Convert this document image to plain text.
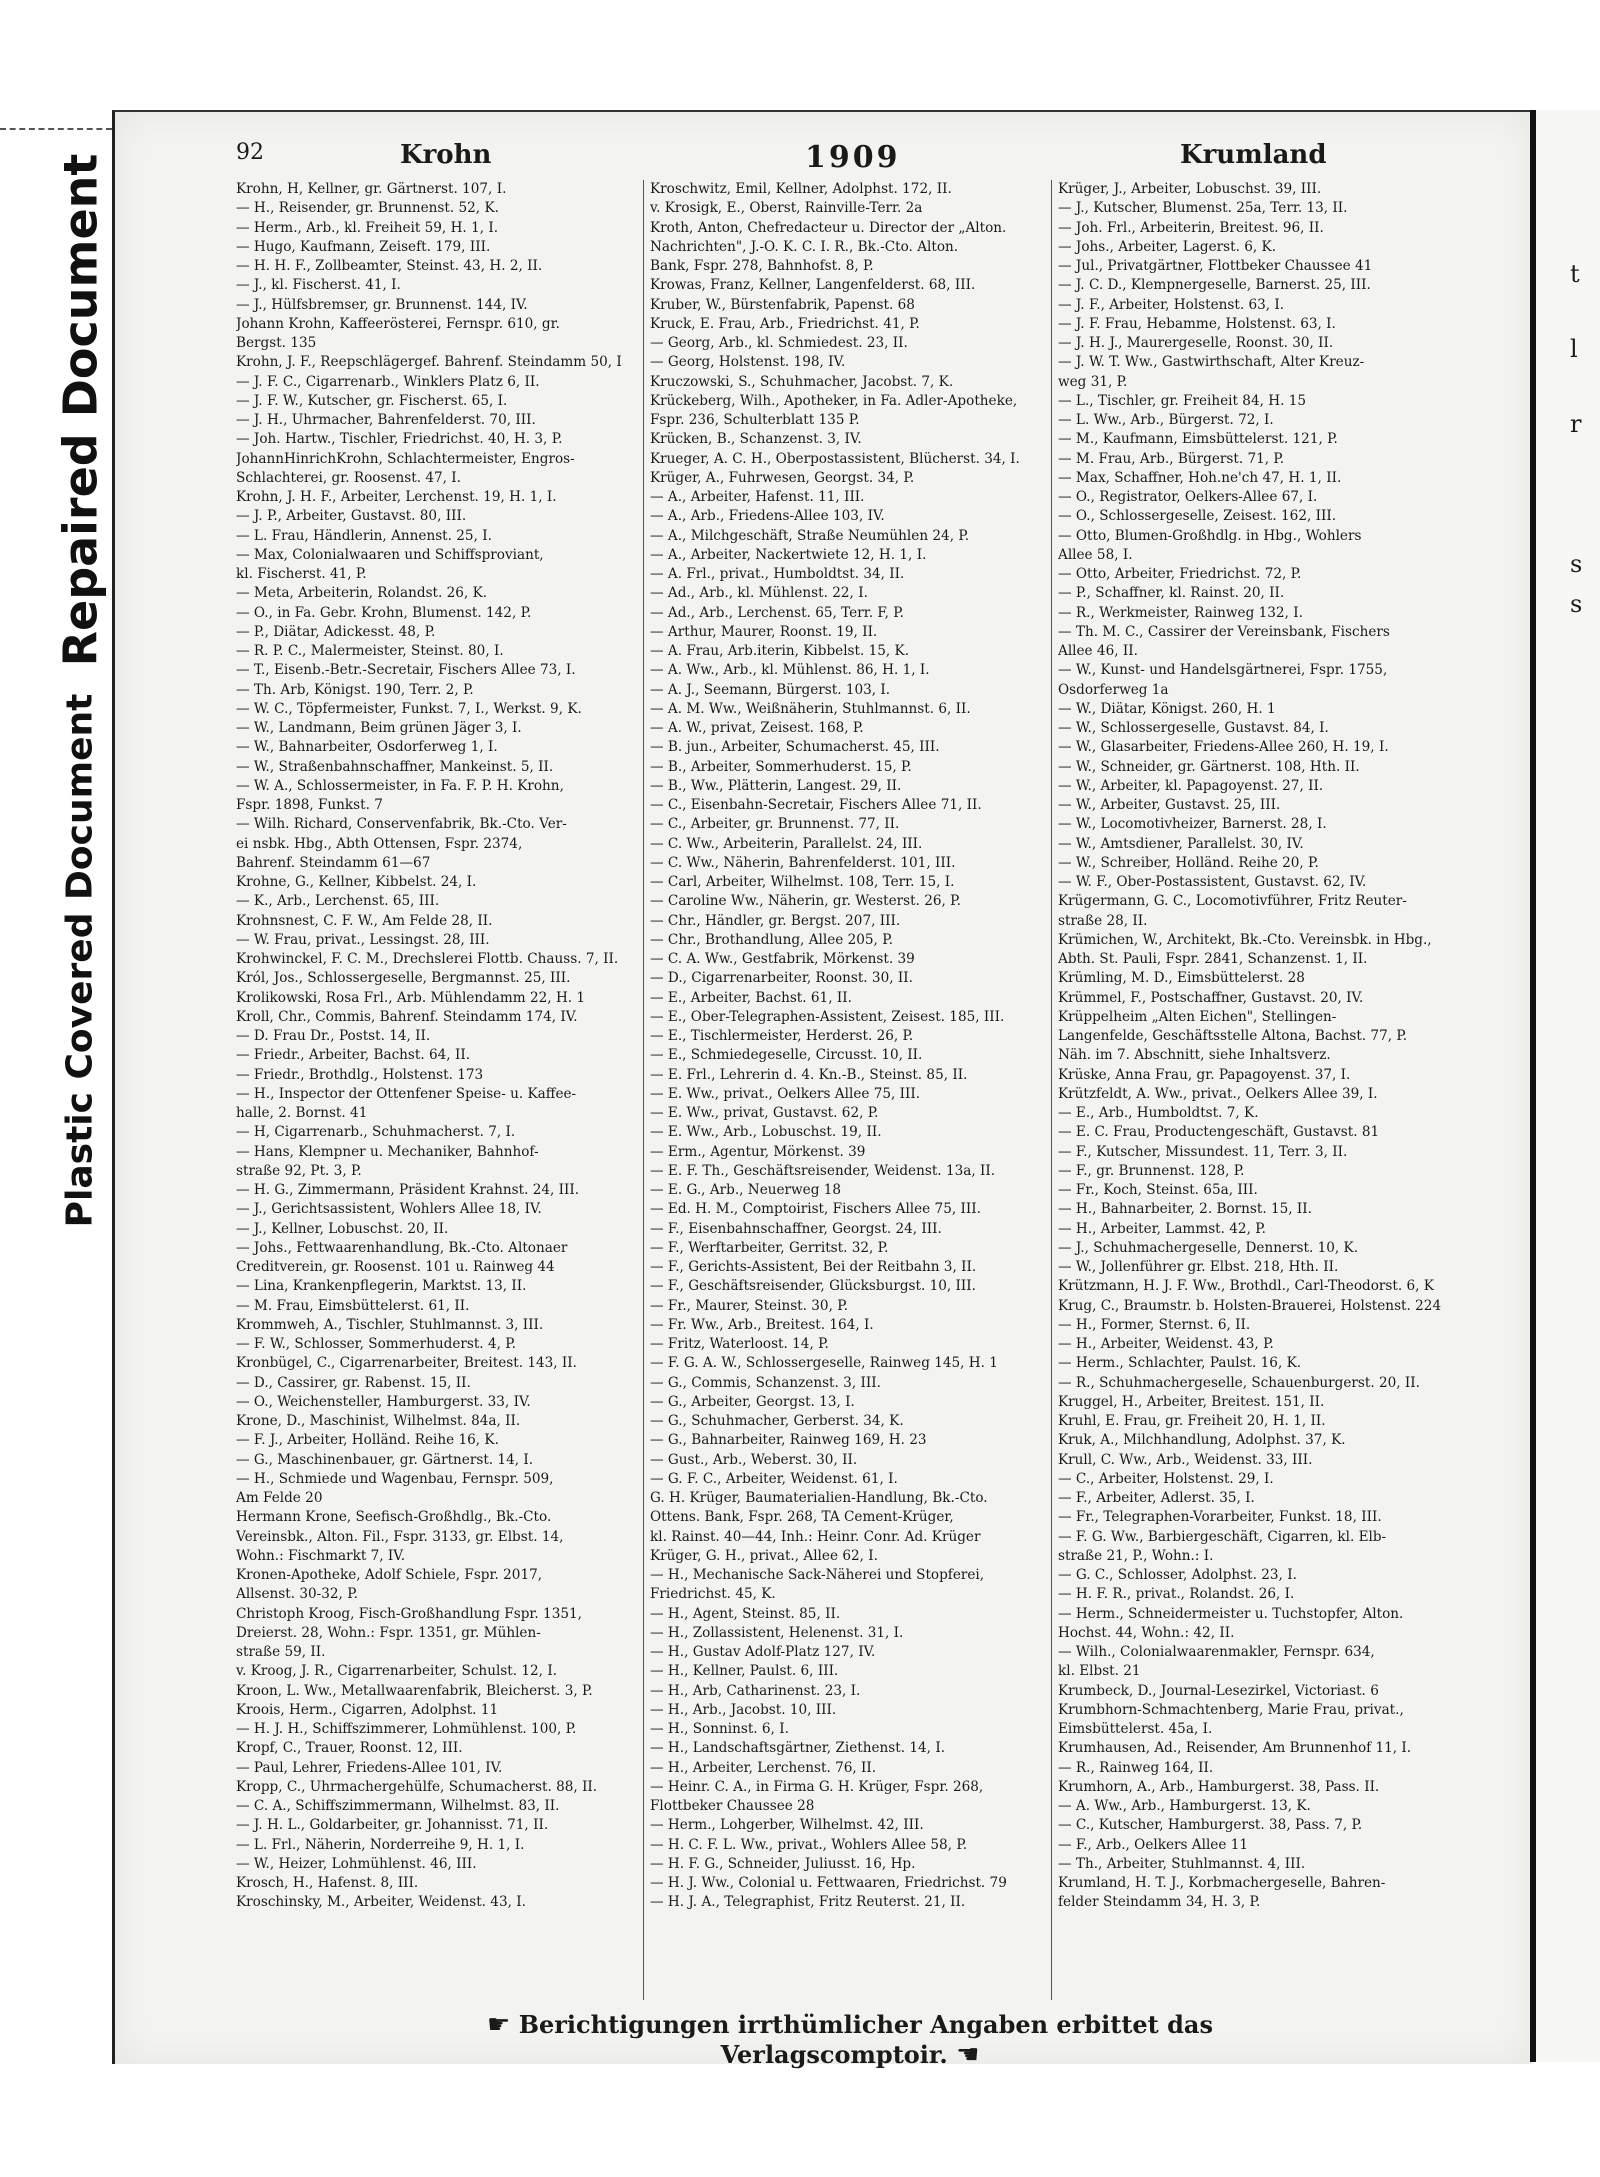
Repaired Document
Plastic Covered Document
t
l
r
s
s
92	Krohn	1909	Krumland
Krohn, H, Kellner, gr. Gärtnerst. 107, I.
— H., Reisender, gr. Brunnenst. 52, K.
— Herm., Arb., kl. Freiheit 59, H. 1, I.
— Hugo, Kaufmann, Zeiseft. 179, III.
— H. H. F., Zollbeamter, Steinst. 43, H. 2, II.
— J., kl. Fischerst. 41, I.
— J., Hülfsbremser, gr. Brunnenst. 144, IV.
Johann Krohn, Kaffeerösterei, Fernspr. 610, gr.
Bergst. 135
Krohn, J. F., Reepschlägergef. Bahrenf. Steindamm 50, I
— J. F. C., Cigarrenarb., Winklers Platz 6, II.
— J. F. W., Kutscher, gr. Fischerst. 65, I.
— J. H., Uhrmacher, Bahrenfelderst. 70, III.
— Joh. Hartw., Tischler, Friedrichst. 40, H. 3, P.
JohannHinrichKrohn, Schlachtermeister, Engros-
Schlachterei, gr. Roosenst. 47, I.
Krohn, J. H. F., Arbeiter, Lerchenst. 19, H. 1, I.
— J. P., Arbeiter, Gustavst. 80, III.
— L. Frau, Händlerin, Annenst. 25, I.
— Max, Colonialwaaren und Schiffsproviant,
kl. Fischerst. 41, P.
— Meta, Arbeiterin, Rolandst. 26, K.
— O., in Fa. Gebr. Krohn, Blumenst. 142, P.
— P., Diätar, Adickesst. 48, P.
— R. P. C., Malermeister, Steinst. 80, I.
— T., Eisenb.-Betr.-Secretair, Fischers Allee 73, I.
— Th. Arb, Königst. 190, Terr. 2, P.
— W. C., Töpfermeister, Funkst. 7, I., Werkst. 9, K.
— W., Landmann, Beim grünen Jäger 3, I.
— W., Bahnarbeiter, Osdorferweg 1, I.
— W., Straßenbahnschaffner, Mankeinst. 5, II.
— W. A., Schlossermeister, in Fa. F. P. H. Krohn,
Fspr. 1898, Funkst. 7
— Wilh. Richard, Conservenfabrik, Bk.-Cto. Ver-
ei nsbk. Hbg., Abth Ottensen, Fspr. 2374,
Bahrenf. Steindamm 61—67
Krohne, G., Kellner, Kibbelst. 24, I.
— K., Arb., Lerchenst. 65, III.
Krohnsnest, C. F. W., Am Felde 28, II.
— W. Frau, privat., Lessingst. 28, III.
Krohwinckel, F. C. M., Drechslerei Flottb. Chauss. 7, II.
Król, Jos., Schlossergeselle, Bergmannst. 25, III.
Krolikowski, Rosa Frl., Arb. Mühlendamm 22, H. 1
Kroll, Chr., Commis, Bahrenf. Steindamm 174, IV.
— D. Frau Dr., Postst. 14, II.
— Friedr., Arbeiter, Bachst. 64, II.
— Friedr., Brothdlg., Holstenst. 173
— H., Inspector der Ottenfener Speise- u. Kaffee-
halle, 2. Bornst. 41
— H, Cigarrenarb., Schuhmacherst. 7, I.
— Hans, Klempner u. Mechaniker, Bahnhof-
straße 92, Pt. 3, P.
— H. G., Zimmermann, Präsident Krahnst. 24, III.
— J., Gerichtsassistent, Wohlers Allee 18, IV.
— J., Kellner, Lobuschst. 20, II.
— Johs., Fettwaarenhandlung, Bk.-Cto. Altonaer
Creditverein, gr. Roosenst. 101 u. Rainweg 44
— Lina, Krankenpflegerin, Marktst. 13, II.
— M. Frau, Eimsbüttelerst. 61, II.
Krommweh, A., Tischler, Stuhlmannst. 3, III.
— F. W., Schlosser, Sommerhuderst. 4, P.
Kronbügel, C., Cigarrenarbeiter, Breitest. 143, II.
— D., Cassirer, gr. Rabenst. 15, II.
— O., Weichensteller, Hamburgerst. 33, IV.
Krone, D., Maschinist, Wilhelmst. 84a, II.
— F. J., Arbeiter, Holländ. Reihe 16, K.
— G., Maschinenbauer, gr. Gärtnerst. 14, I.
— H., Schmiede und Wagenbau, Fernspr. 509,
Am Felde 20
Hermann Krone, Seefisch-Großhdlg., Bk.-Cto.
Vereinsbk., Alton. Fil., Fspr. 3133, gr. Elbst. 14,
Wohn.: Fischmarkt 7, IV.
Kronen-Apotheke, Adolf Schiele, Fspr. 2017,
Allsenst. 30-32, P.
Christoph Kroog, Fisch-Großhandlung Fspr. 1351,
Dreierst. 28, Wohn.: Fspr. 1351, gr. Mühlen-
straße 59, II.
v. Kroog, J. R., Cigarrenarbeiter, Schulst. 12, I.
Kroon, L. Ww., Metallwaarenfabrik, Bleicherst. 3, P.
Kroois, Herm., Cigarren, Adolphst. 11
— H. J. H., Schiffszimmerer, Lohmühlenst. 100, P.
Kropf, C., Trauer, Roonst. 12, III.
— Paul, Lehrer, Friedens-Allee 101, IV.
Kropp, C., Uhrmachergehülfe, Schumacherst. 88, II.
— C. A., Schiffszimmermann, Wilhelmst. 83, II.
— J. H. L., Goldarbeiter, gr. Johannisst. 71, II.
— L. Frl., Näherin, Norderreihe 9, H. 1, I.
— W., Heizer, Lohmühlenst. 46, III.
Krosch, H., Hafenst. 8, III.
Kroschinsky, M., Arbeiter, Weidenst. 43, I.
Kroschwitz, Emil, Kellner, Adolphst. 172, II.
v. Krosigk, E., Oberst, Rainville-Terr. 2a
Kroth, Anton, Chefredacteur u. Director der „Alton.
Nachrichten", J.-O. K. C. I. R., Bk.-Cto. Alton.
Bank, Fspr. 278, Bahnhofst. 8, P.
Krowas, Franz, Kellner, Langenfelderst. 68, III.
Kruber, W., Bürstenfabrik, Papenst. 68
Kruck, E. Frau, Arb., Friedrichst. 41, P.
— Georg, Arb., kl. Schmiedest. 23, II.
— Georg, Holstenst. 198, IV.
Kruczowski, S., Schuhmacher, Jacobst. 7, K.
Krückeberg, Wilh., Apotheker, in Fa. Adler-Apotheke,
Fspr. 236, Schulterblatt 135 P.
Krücken, B., Schanzenst. 3, IV.
Krueger, A. C. H., Oberpostassistent, Blücherst. 34, I.
Krüger, A., Fuhrwesen, Georgst. 34, P.
— A., Arbeiter, Hafenst. 11, III.
— A., Arb., Friedens-Allee 103, IV.
— A., Milchgeschäft, Straße Neumühlen 24, P.
— A., Arbeiter, Nackertwiete 12, H. 1, I.
— A. Frl., privat., Humboldtst. 34, II.
— Ad., Arb., kl. Mühlenst. 22, I.
— Ad., Arb., Lerchenst. 65, Terr. F, P.
— Arthur, Maurer, Roonst. 19, II.
— A. Frau, Arb.iterin, Kibbelst. 15, K.
— A. Ww., Arb., kl. Mühlenst. 86, H. 1, I.
— A. J., Seemann, Bürgerst. 103, I.
— A. M. Ww., Weißnäherin, Stuhlmannst. 6, II.
— A. W., privat, Zeisest. 168, P.
— B. jun., Arbeiter, Schumacherst. 45, III.
— B., Arbeiter, Sommerhuderst. 15, P.
— B., Ww., Plätterin, Langest. 29, II.
— C., Eisenbahn-Secretair, Fischers Allee 71, II.
— C., Arbeiter, gr. Brunnenst. 77, II.
— C. Ww., Arbeiterin, Parallelst. 24, III.
— C. Ww., Näherin, Bahrenfelderst. 101, III.
— Carl, Arbeiter, Wilhelmst. 108, Terr. 15, I.
— Caroline Ww., Näherin, gr. Westerst. 26, P.
— Chr., Händler, gr. Bergst. 207, III.
— Chr., Brothandlung, Allee 205, P.
— C. A. Ww., Gestfabrik, Mörkenst. 39
— D., Cigarrenarbeiter, Roonst. 30, II.
— E., Arbeiter, Bachst. 61, II.
— E., Ober-Telegraphen-Assistent, Zeisest. 185, III.
— E., Tischlermeister, Herderst. 26, P.
— E., Schmiedegeselle, Circusst. 10, II.
— E. Frl., Lehrerin d. 4. Kn.-B., Steinst. 85, II.
— E. Ww., privat., Oelkers Allee 75, III.
— E. Ww., privat, Gustavst. 62, P.
— E. Ww., Arb., Lobuschst. 19, II.
— Erm., Agentur, Mörkenst. 39
— E. F. Th., Geschäftsreisender, Weidenst. 13a, II.
— E. G., Arb., Neuerweg 18
— Ed. H. M., Comptoirist, Fischers Allee 75, III.
— F., Eisenbahnschaffner, Georgst. 24, III.
— F., Werftarbeiter, Gerritst. 32, P.
— F., Gerichts-Assistent, Bei der Reitbahn 3, II.
— F., Geschäftsreisender, Glücksburgst. 10, III.
— Fr., Maurer, Steinst. 30, P.
— Fr. Ww., Arb., Breitest. 164, I.
— Fritz, Waterloost. 14, P.
— F. G. A. W., Schlossergeselle, Rainweg 145, H. 1
— G., Commis, Schanzenst. 3, III.
— G., Arbeiter, Georgst. 13, I.
— G., Schuhmacher, Gerberst. 34, K.
— G., Bahnarbeiter, Rainweg 169, H. 23
— Gust., Arb., Weberst. 30, II.
— G. F. C., Arbeiter, Weidenst. 61, I.
G. H. Krüger, Baumaterialien-Handlung, Bk.-Cto.
Ottens. Bank, Fspr. 268, TA Cement-Krüger,
kl. Rainst. 40—44, Inh.: Heinr. Conr. Ad. Krüger
Krüger, G. H., privat., Allee 62, I.
— H., Mechanische Sack-Näherei und Stopferei,
Friedrichst. 45, K.
— H., Agent, Steinst. 85, II.
— H., Zollassistent, Helenenst. 31, I.
— H., Gustav Adolf-Platz 127, IV.
— H., Kellner, Paulst. 6, III.
— H., Arb, Catharinenst. 23, I.
— H., Arb., Jacobst. 10, III.
— H., Sonninst. 6, I.
— H., Landschaftsgärtner, Ziethenst. 14, I.
— H., Arbeiter, Lerchenst. 76, II.
— Heinr. C. A., in Firma G. H. Krüger, Fspr. 268,
Flottbeker Chaussee 28
— Herm., Lohgerber, Wilhelmst. 42, III.
— H. C. F. L. Ww., privat., Wohlers Allee 58, P.
— H. F. G., Schneider, Juliusst. 16, Hp.
— H. J. Ww., Colonial u. Fettwaaren, Friedrichst. 79
— H. J. A., Telegraphist, Fritz Reuterst. 21, II.
Krüger, J., Arbeiter, Lobuschst. 39, III.
— J., Kutscher, Blumenst. 25a, Terr. 13, II.
— Joh. Frl., Arbeiterin, Breitest. 96, II.
— Johs., Arbeiter, Lagerst. 6, K.
— Jul., Privatgärtner, Flottbeker Chaussee 41
— J. C. D., Klempnergeselle, Barnerst. 25, III.
— J. F., Arbeiter, Holstenst. 63, I.
— J. F. Frau, Hebamme, Holstenst. 63, I.
— J. H. J., Maurergeselle, Roonst. 30, II.
— J. W. T. Ww., Gastwirthschaft, Alter Kreuz-
weg 31, P.
— L., Tischler, gr. Freiheit 84, H. 15
— L. Ww., Arb., Bürgerst. 72, I.
— M., Kaufmann, Eimsbüttelerst. 121, P.
— M. Frau, Arb., Bürgerst. 71, P.
— Max, Schaffner, Hoh.ne'ch 47, H. 1, II.
— O., Registrator, Oelkers-Allee 67, I.
— O., Schlossergeselle, Zeisest. 162, III.
— Otto, Blumen-Großhdlg. in Hbg., Wohlers
Allee 58, I.
— Otto, Arbeiter, Friedrichst. 72, P.
— P., Schaffner, kl. Rainst. 20, II.
— R., Werkmeister, Rainweg 132, I.
— Th. M. C., Cassirer der Vereinsbank, Fischers
Allee 46, II.
— W., Kunst- und Handelsgärtnerei, Fspr. 1755,
Osdorferweg 1a
— W., Diätar, Königst. 260, H. 1
— W., Schlossergeselle, Gustavst. 84, I.
— W., Glasarbeiter, Friedens-Allee 260, H. 19, I.
— W., Schneider, gr. Gärtnerst. 108, Hth. II.
— W., Arbeiter, kl. Papagoyenst. 27, II.
— W., Arbeiter, Gustavst. 25, III.
— W., Locomotivheizer, Barnerst. 28, I.
— W., Amtsdiener, Parallelst. 30, IV.
— W., Schreiber, Holländ. Reihe 20, P.
— W. F., Ober-Postassistent, Gustavst. 62, IV.
Krügermann, G. C., Locomotivführer, Fritz Reuter-
straße 28, II.
Krümichen, W., Architekt, Bk.-Cto. Vereinsbk. in Hbg.,
Abth. St. Pauli, Fspr. 2841, Schanzenst. 1, II.
Krümling, M. D., Eimsbüttelerst. 28
Krümmel, F., Postschaffner, Gustavst. 20, IV.
Krüppelheim „Alten Eichen", Stellingen-
Langenfelde, Geschäftsstelle Altona, Bachst. 77, P.
Näh. im 7. Abschnitt, siehe Inhaltsverz.
Krüske, Anna Frau, gr. Papagoyenst. 37, I.
Krützfeldt, A. Ww., privat., Oelkers Allee 39, I.
— E., Arb., Humboldtst. 7, K.
— E. C. Frau, Productengeschäft, Gustavst. 81
— F., Kutscher, Missundest. 11, Terr. 3, II.
— F., gr. Brunnenst. 128, P.
— Fr., Koch, Steinst. 65a, III.
— H., Bahnarbeiter, 2. Bornst. 15, II.
— H., Arbeiter, Lammst. 42, P.
— J., Schuhmachergeselle, Dennerst. 10, K.
— W., Jollenführer gr. Elbst. 218, Hth. II.
Krützmann, H. J. F. Ww., Brothdl., Carl-Theodorst. 6, K
Krug, C., Braumstr. b. Holsten-Brauerei, Holstenst. 224
— H., Former, Sternst. 6, II.
— H., Arbeiter, Weidenst. 43, P.
— Herm., Schlachter, Paulst. 16, K.
— R., Schuhmachergeselle, Schauenburgerst. 20, II.
Kruggel, H., Arbeiter, Breitest. 151, II.
Kruhl, E. Frau, gr. Freiheit 20, H. 1, II.
Kruk, A., Milchhandlung, Adolphst. 37, K.
Krull, C. Ww., Arb., Weidenst. 33, III.
— C., Arbeiter, Holstenst. 29, I.
— F., Arbeiter, Adlerst. 35, I.
— Fr., Telegraphen-Vorarbeiter, Funkst. 18, III.
— F. G. Ww., Barbiergeschäft, Cigarren, kl. Elb-
straße 21, P., Wohn.: I.
— G. C., Schlosser, Adolphst. 23, I.
— H. F. R., privat., Rolandst. 26, I.
— Herm., Schneidermeister u. Tuchstopfer, Alton.
Hochst. 44, Wohn.: 42, II.
— Wilh., Colonialwaarenmakler, Fernspr. 634,
kl. Elbst. 21
Krumbeck, D., Journal-Lesezirkel, Victoriast. 6
Krumbhorn-Schmachtenberg, Marie Frau, privat.,
Eimsbüttelerst. 45a, I.
Krumhausen, Ad., Reisender, Am Brunnenhof 11, I.
— R., Rainweg 164, II.
Krumhorn, A., Arb., Hamburgerst. 38, Pass. II.
— A. Ww., Arb., Hamburgerst. 13, K.
— C., Kutscher, Hamburgerst. 38, Pass. 7, P.
— F., Arb., Oelkers Allee 11
— Th., Arbeiter, Stuhlmannst. 4, III.
Krumland, H. T. J., Korbmachergeselle, Bahren-
felder Steindamm 34, H. 3, P.
☛ Berichtigungen irrthümlicher Angaben erbittet das Verlagscomptoir. ☚
